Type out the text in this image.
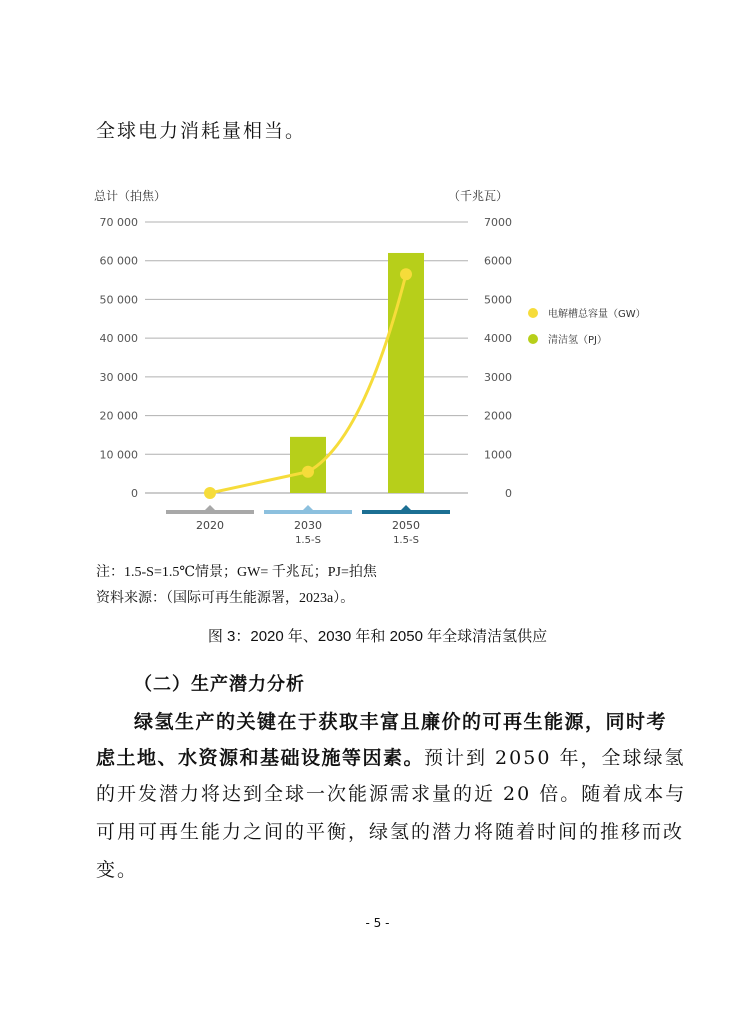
全球电力消耗量相当。
总计（拍焦）	（千兆瓦）
70 000	7000
60 000	6000
50 000	5000
40 000	4000
30 000	3000
20 000	2000
10 000	1000
0	0
2020	2030
1.5-S
2050
1.5-S
电解槽总容量（GW）
清洁氢（PJ）
注：1.5-S=1.5℃情景；GW= 千兆瓦；PJ=拍焦
资料来源：（国际可再生能源署，2023a）。
图 3：2020 年、2030 年和 2050 年全球清洁氢供应
（二）生产潜力分析
绿氢生产的关键在于获取丰富且廉价的可再生能源，同时考
虑土地、水资源和基础设施等因素。预计到 2050 年，全球绿氢
的开发潜力将达到全球一次能源需求量的近 20 倍。随着成本与
可用可再生能力之间的平衡，绿氢的潜力将随着时间的推移而改
变。
- 5 -
